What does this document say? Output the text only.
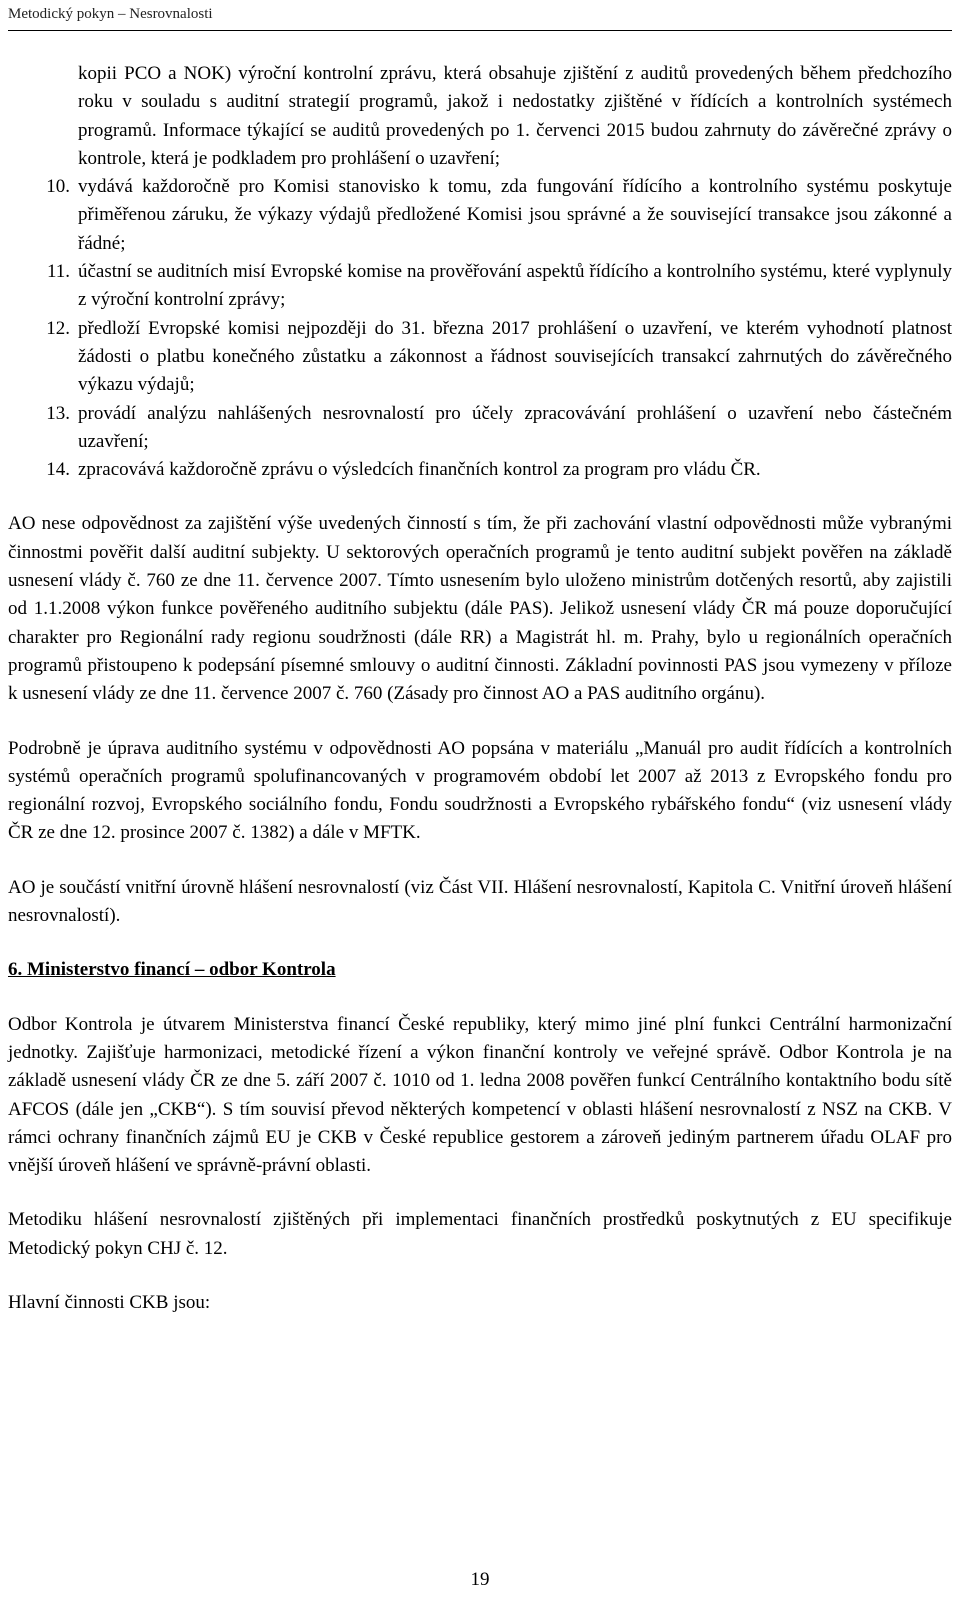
Metodický pokyn – Nesrovnalosti
kopii PCO a NOK) výroční kontrolní zprávu, která obsahuje zjištění z auditů provedených během předchozího roku v souladu s auditní strategií programů, jakož i nedostatky zjištěné v řídících a kontrolních systémech programů. Informace týkající se auditů provedených po 1. červenci 2015 budou zahrnuty do závěrečné zprávy o kontrole, která je podkladem pro prohlášení o uzavření;
10. vydává každoročně pro Komisi stanovisko k tomu, zda fungování řídícího a kontrolního systému poskytuje přiměřenou záruku, že výkazy výdajů předložené Komisi jsou správné a že související transakce jsou zákonné a řádné;
11. účastní se auditních misí Evropské komise na prověřování aspektů řídícího a kontrolního systému, které vyplynuly z výroční kontrolní zprávy;
12. předloží Evropské komisi nejpozději do 31. března 2017 prohlášení o uzavření, ve kterém vyhodnotí platnost žádosti o platbu konečného zůstatku a zákonnost a řádnost souvisejících transakcí zahrnutých do závěrečného výkazu výdajů;
13. provádí analýzu nahlášených nesrovnalostí pro účely zpracovávání prohlášení o uzavření nebo částečném uzavření;
14. zpracovává každoročně zprávu o výsledcích finančních kontrol za program pro vládu ČR.

AO nese odpovědnost za zajištění výše uvedených činností s tím, že při zachování vlastní odpovědnosti může vybranými činnostmi pověřit další auditní subjekty. U sektorových operačních programů je tento auditní subjekt pověřen na základě usnesení vlády č. 760 ze dne 11. července 2007. Tímto usnesením bylo uloženo ministrům dotčených resortů, aby zajistili od 1.1.2008 výkon funkce pověřeného auditního subjektu (dále PAS). Jelikož usnesení vlády ČR má pouze doporučující charakter pro Regionální rady regionu soudržnosti (dále RR) a Magistrát hl. m. Prahy, bylo u regionálních operačních programů přistoupeno k podepsání písemné smlouvy o auditní činnosti. Základní povinnosti PAS jsou vymezeny v příloze k usnesení vlády ze dne 11. července 2007 č. 760 (Zásady pro činnost AO a PAS auditního orgánu).

Podrobně je úprava auditního systému v odpovědnosti AO popsána v materiálu „Manuál pro audit řídících a kontrolních systémů operačních programů spolufinancovaných v programovém období let 2007 až 2013 z Evropského fondu pro regionální rozvoj, Evropského sociálního fondu, Fondu soudržnosti a Evropského rybářského fondu“ (viz usnesení vlády ČR ze dne 12. prosince 2007 č. 1382) a dále v MFTK.

AO je součástí vnitřní úrovně hlášení nesrovnalostí (viz Část VII. Hlášení nesrovnalostí, Kapitola C. Vnitřní úroveň hlášení nesrovnalostí).

6. Ministerstvo financí – odbor Kontrola

Odbor Kontrola je útvarem Ministerstva financí České republiky, který mimo jiné plní funkci Centrální harmonizační jednotky. Zajišťuje harmonizaci, metodické řízení a výkon finanční kontroly ve veřejné správě. Odbor Kontrola je na základě usnesení vlády ČR ze dne 5. září 2007 č. 1010 od 1. ledna 2008 pověřen funkcí Centrálního kontaktního bodu sítě AFCOS (dále jen „CKB“). S tím souvisí převod některých kompetencí v oblasti hlášení nesrovnalostí z NSZ na CKB. V rámci ochrany finančních zájmů EU je CKB v České republice gestorem a zároveň jediným partnerem úřadu OLAF pro vnější úroveň hlášení ve správně-právní oblasti.

Metodiku hlášení nesrovnalostí zjištěných při implementaci finančních prostředků poskytnutých z EU specifikuje Metodický pokyn CHJ č. 12.

Hlavní činnosti CKB jsou:

19
